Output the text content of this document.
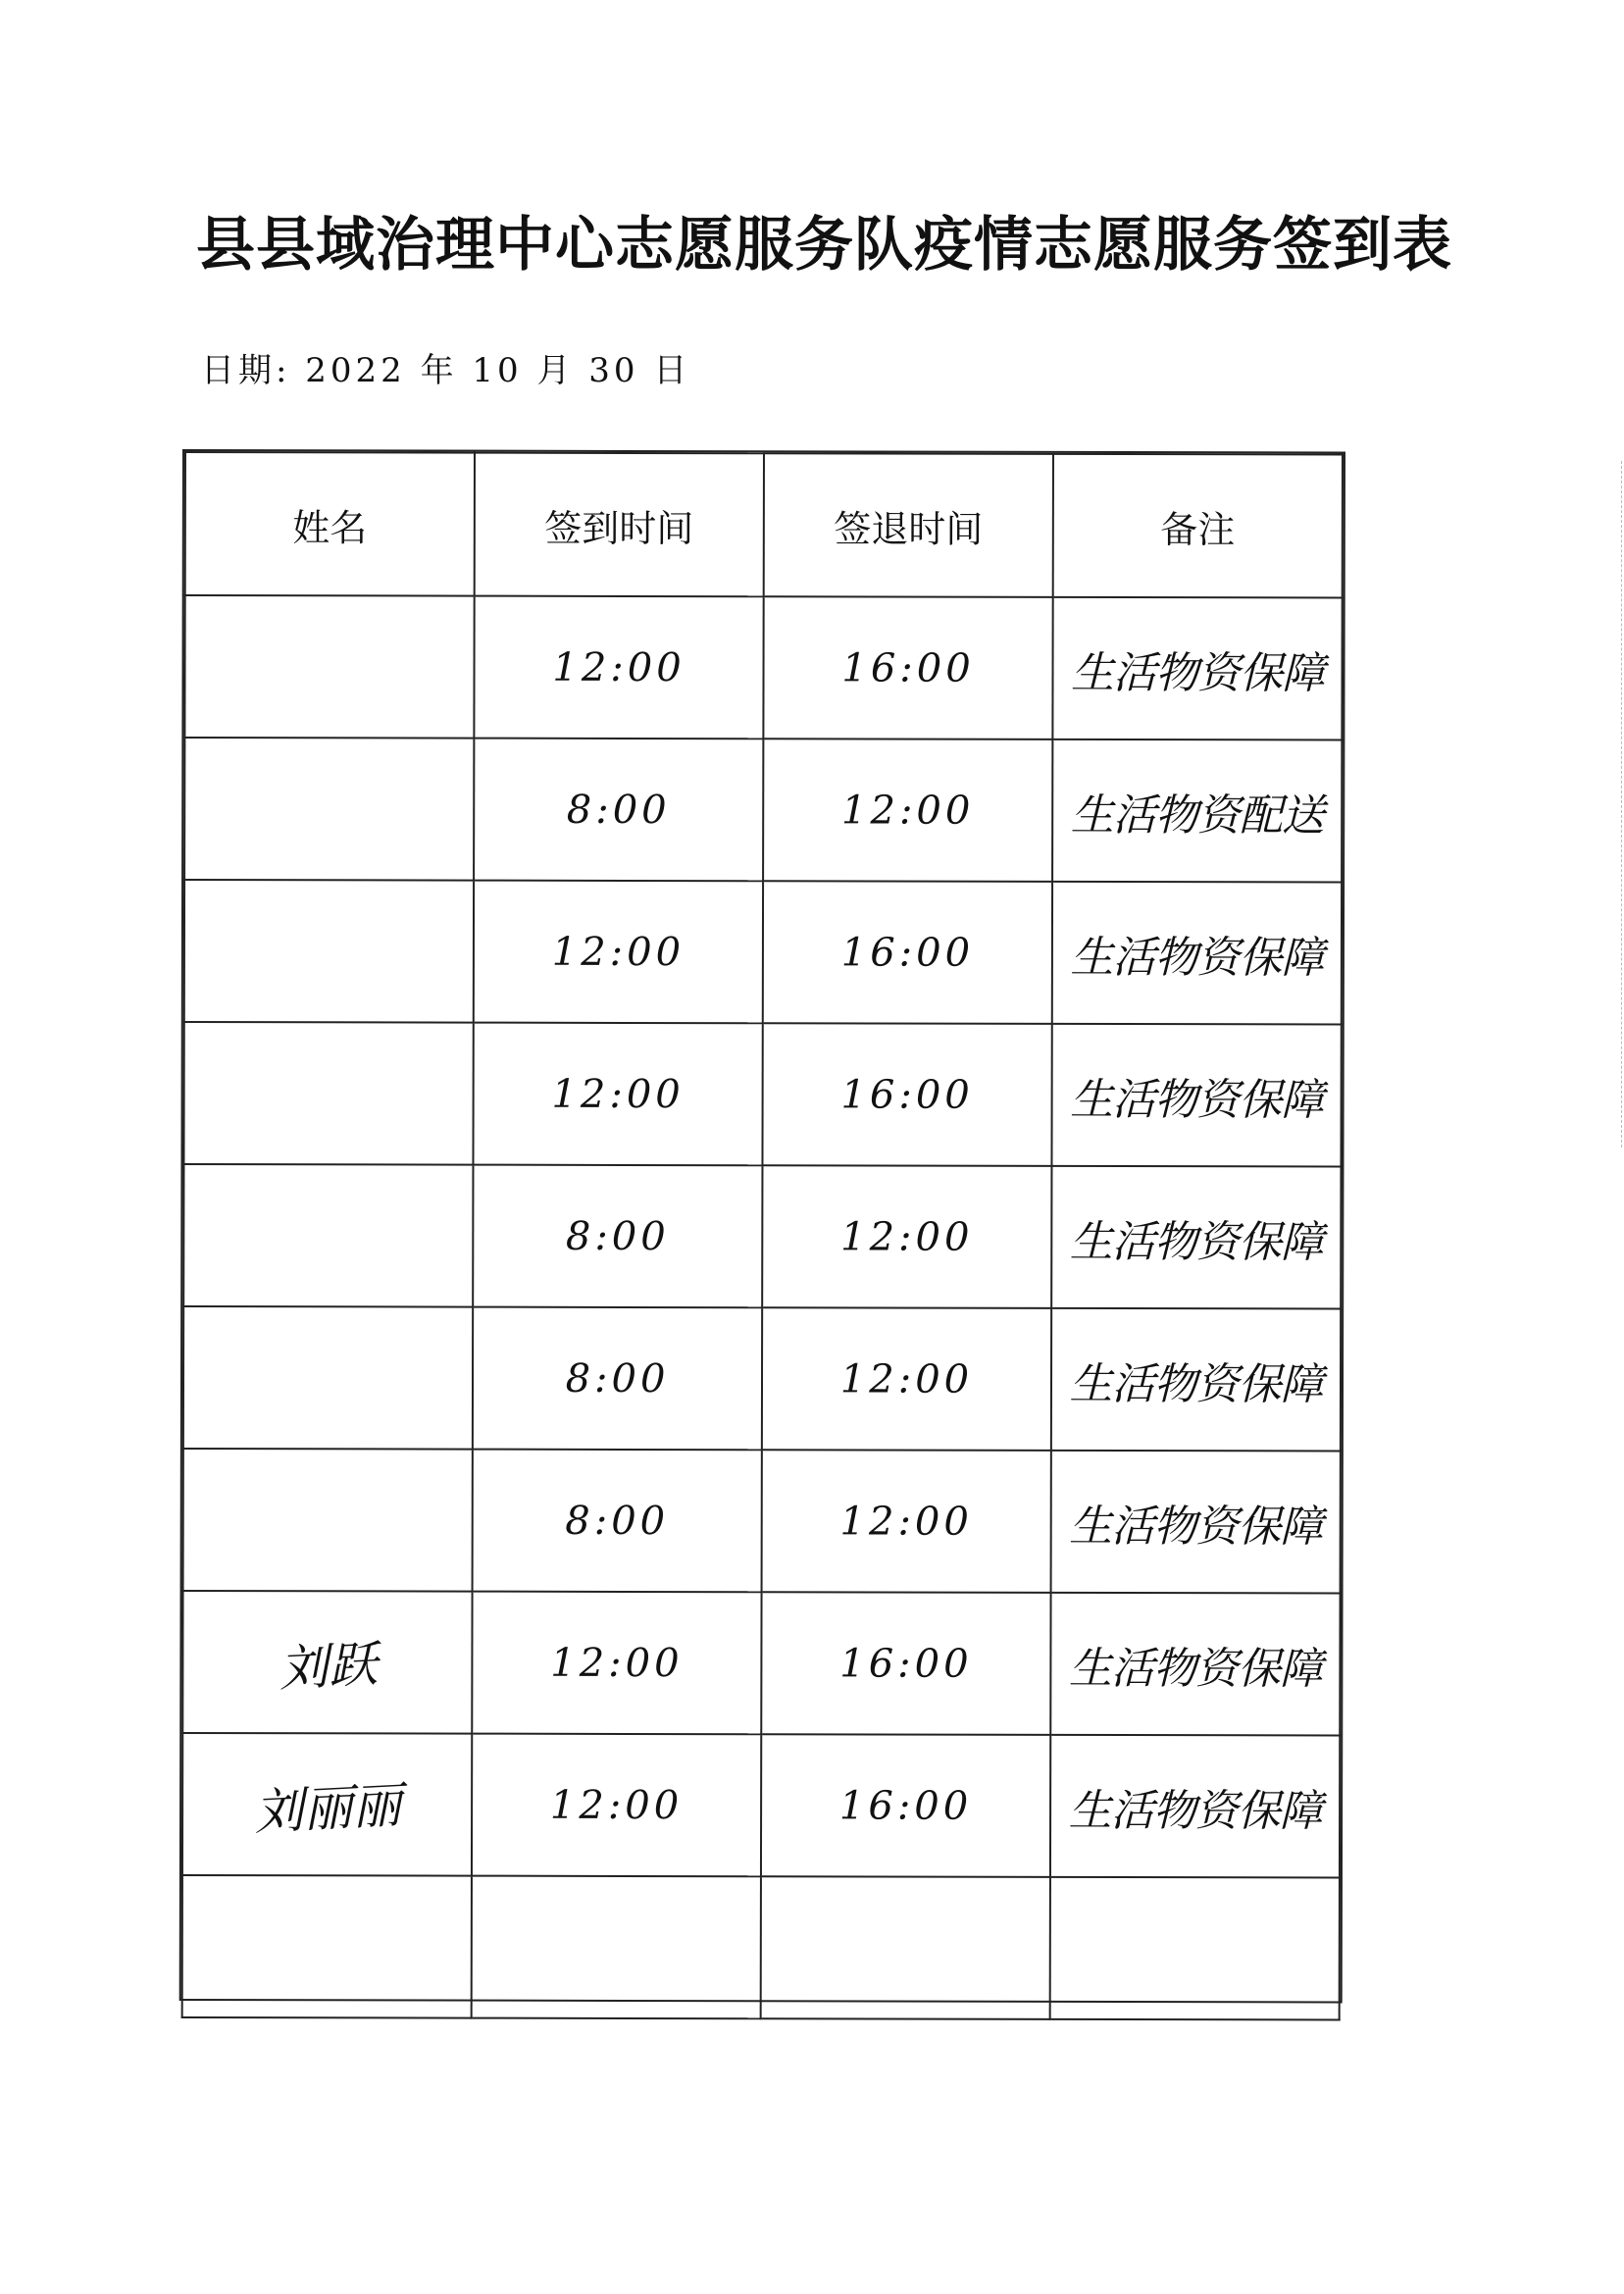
县县域治理中心志愿服务队疫情志愿服务签到表
日期: 2022 年 10 月 30 日
姓名	签到时间	签退时间	备注
	12:00	16:00	生活物资保障
	8:00	12:00	生活物资配送
	12:00	16:00	生活物资保障
	12:00	16:00	生活物资保障
	8:00	12:00	生活物资保障
	8:00	12:00	生活物资保障
	8:00	12:00	生活物资保障
刘跃	12:00	16:00	生活物资保障
刘丽丽	12:00	16:00	生活物资保障
